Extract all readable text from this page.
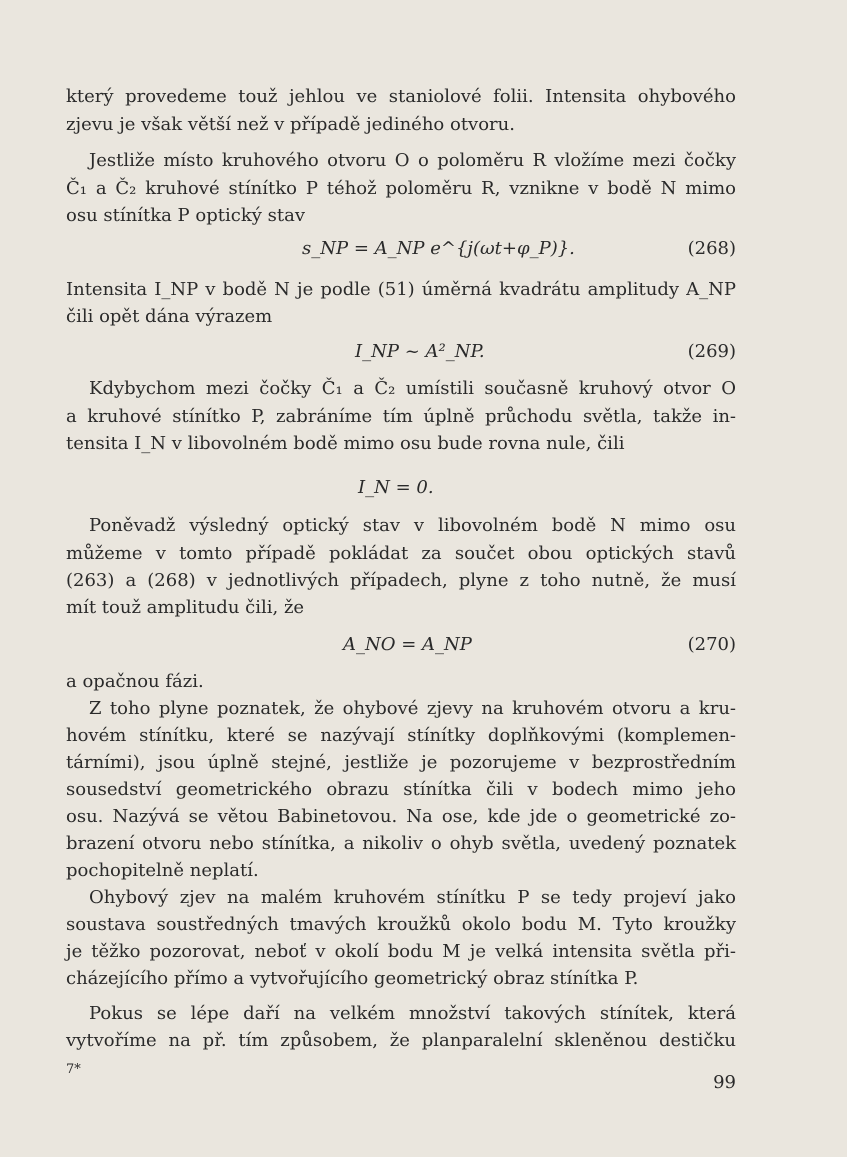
který provedeme touž jehlou ve staniolové folii. Intensita ohybového
zjevu je však větší než v případě jediného otvoru.
Jestliže místo kruhového otvoru O o poloměru R vložíme mezi čočky
Č₁ a Č₂ kruhové stínítko P téhož poloměru R, vznikne v bodě N mimo
osu stínítka P optický stav
s_NP = A_NP e^{j(ωt+φ_P)}.	(268)
Intensita I_NP v bodě N je podle (51) úměrná kvadrátu amplitudy A_NP
čili opět dána výrazem
I_NP ~ A²_NP.	(269)
Kdybychom mezi čočky Č₁ a Č₂ umístili současně kruhový otvor O
a kruhové stínítko P, zabráníme tím úplně průchodu světla, takže in-
tensita I_N v libovolném bodě mimo osu bude rovna nule, čili
I_N = 0.
Poněvadž výsledný optický stav v libovolném bodě N mimo osu
můžeme v tomto případě pokládat za součet obou optických stavů
(263) a (268) v jednotlivých případech, plyne z toho nutně, že musí
mít touž amplitudu čili, že
A_NO = A_NP	(270)
a opačnou fázi.
Z toho plyne poznatek, že ohybové zjevy na kruhovém otvoru a kru-
hovém stínítku, které se nazývají stínítky doplňkovými (komplemen-
tárními), jsou úplně stejné, jestliže je pozorujeme v bezprostředním
sousedství geometrického obrazu stínítka čili v bodech mimo jeho
osu. Nazývá se větou Babinetovou. Na ose, kde jde o geometrické zo-
brazení otvoru nebo stínítka, a nikoliv o ohyb světla, uvedený poznatek
pochopitelně neplatí.
Ohybový zjev na malém kruhovém stínítku P se tedy projeví jako
soustava soustředných tmavých kroužků okolo bodu M. Tyto kroužky
je těžko pozorovat, neboť v okolí bodu M je velká intensita světla při-
cházejícího přímo a vytvořujícího geometrický obraz stínítka P.
Pokus se lépe daří na velkém množství takových stínítek, která
vytvoříme na př. tím způsobem, že planparalelní skleněnou destičku
7*
99
